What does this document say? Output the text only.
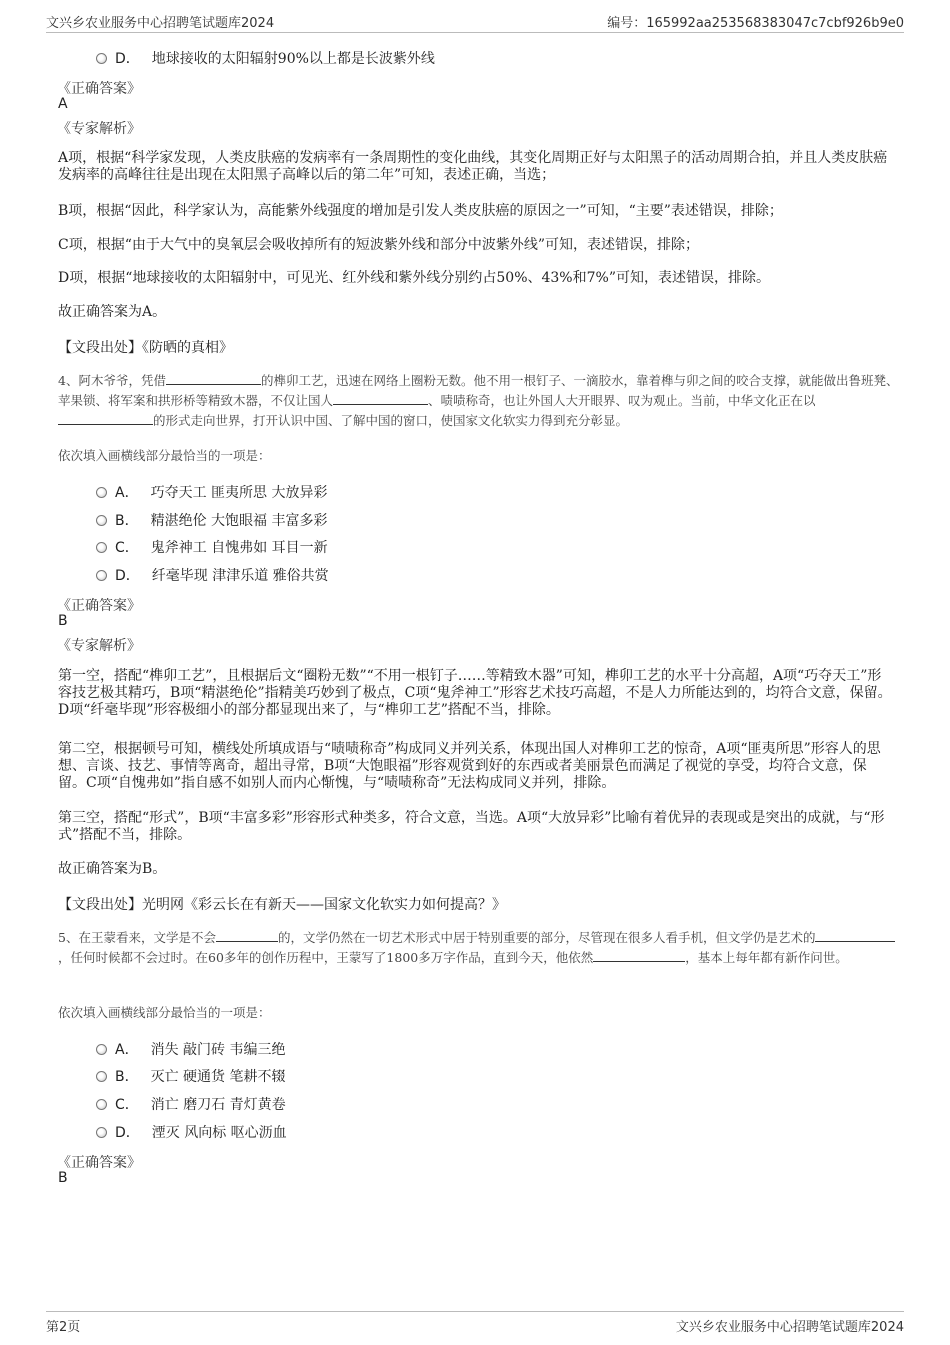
文兴乡农业服务中心招聘笔试题库2024	编号：165992aa253568383047c7cbf926b9e0
D． 地球接收的太阳辐射90%以上都是长波紫外线
《正确答案》
A
《专家解析》
A项，根据“科学家发现，人类皮肤癌的发病率有一条周期性的变化曲线，其变化周期正好与太阳黑子的活动周期合拍，并且人类皮肤癌发病率的高峰往往是出现在太阳黑子高峰以后的第二年”可知，表述正确，当选；
B项，根据“因此，科学家认为，高能紫外线强度的增加是引发人类皮肤癌的原因之一”可知，“主要”表述错误，排除；
C项，根据“由于大气中的臭氧层会吸收掉所有的短波紫外线和部分中波紫外线”可知，表述错误，排除；
D项，根据“地球接收的太阳辐射中，可见光、红外线和紫外线分别约占50%、43%和7%”可知，表述错误，排除。
故正确答案为A。
【文段出处】《防晒的真相》
4、阿木爷爷，凭借	的榫卯工艺，迅速在网络上圈粉无数。他不用一根钉子、一滴胶水，靠着榫与卯之间的咬合支撑，就能做出鲁班凳、苹果锁、将军案和拱形桥等精致木器，不仅让国人	、啧啧称奇，也让外国人大开眼界、叹为观止。当前，中华文化正在以的形式走向世界，打开认识中国、了解中国的窗口，使国家文化软实力得到充分彰显。
依次填入画横线部分最恰当的一项是：
A． 巧夺天工 匪夷所思 大放异彩
B． 精湛绝伦 大饱眼福 丰富多彩
C． 鬼斧神工 自愧弗如 耳目一新
D． 纤毫毕现 津津乐道 雅俗共赏
《正确答案》
B
《专家解析》
第一空，搭配“榫卯工艺”，且根据后文“圈粉无数”“不用一根钉子……等精致木器”可知，榫卯工艺的水平十分高超，A项“巧夺天工”形容技艺极其精巧，B项“精湛绝伦”指精美巧妙到了极点，C项“鬼斧神工”形容艺术技巧高超，不是人力所能达到的，均符合文意，保留。D项“纤毫毕现”形容极细小的部分都显现出来了，与“榫卯工艺”搭配不当，排除。
第二空，根据顿号可知，横线处所填成语与“啧啧称奇”构成同义并列关系，体现出国人对榫卯工艺的惊奇，A项“匪夷所思”形容人的思想、言谈、技艺、事情等离奇，超出寻常，B项“大饱眼福”形容观赏到好的东西或者美丽景色而满足了视觉的享受，均符合文意，保留。C项“自愧弗如”指自感不如别人而内心惭愧，与“啧啧称奇”无法构成同义并列，排除。
第三空，搭配“形式”，B项“丰富多彩”形容形式种类多，符合文意，当选。A项“大放异彩”比喻有着优异的表现或是突出的成就，与“形式”搭配不当，排除。
故正确答案为B。
【文段出处】光明网《彩云长在有新天——国家文化软实力如何提高？》
5、在王蒙看来，文学是不会	的，文学仍然在一切艺术形式中居于特别重要的部分，尽管现在很多人看手机，但文学仍是艺术的，任何时候都不会过时。在60多年的创作历程中，王蒙写了1800多万字作品，直到今天，他依然	，基本上每年都有新作问世。
依次填入画横线部分最恰当的一项是：
A． 消失 敲门砖 韦编三绝
B． 灭亡 硬通货 笔耕不辍
C． 消亡 磨刀石 青灯黄卷
D． 湮灭 风向标 呕心沥血
《正确答案》
B
第2页	文兴乡农业服务中心招聘笔试题库2024
